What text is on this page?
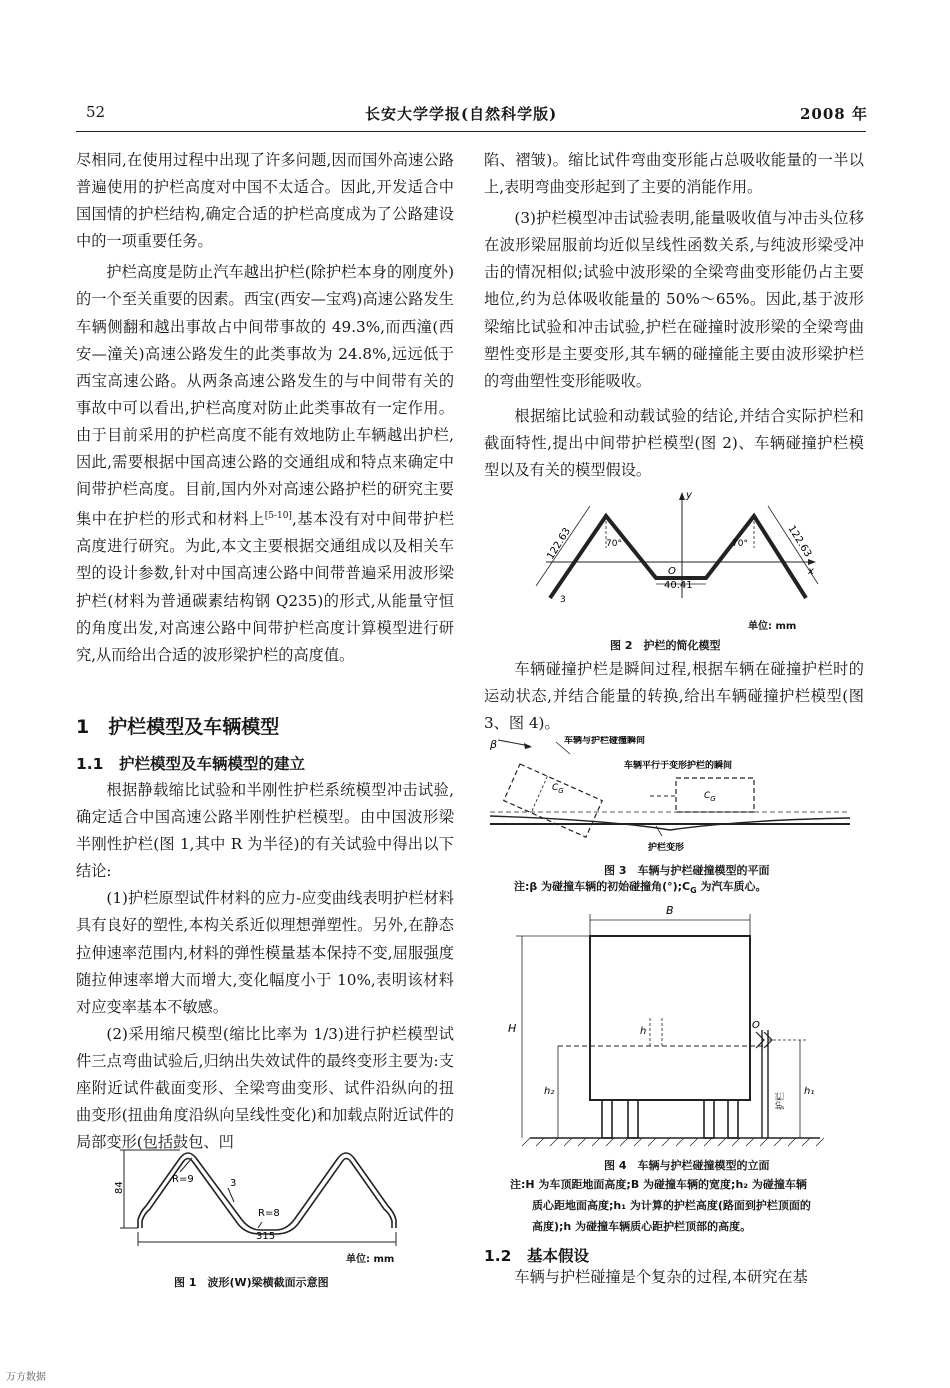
52	长安大学学报(自然科学版)	2008 年

尽相同,在使用过程中出现了许多问题,因而国外高速公路普遍使用的护栏高度对中国不太适合。因此,开发适合中国国情的护栏结构,确定合适的护栏高度成为了公路建设中的一项重要任务。

护栏高度是防止汽车越出护栏(除护栏本身的刚度外)的一个至关重要的因素。西宝(西安—宝鸡)高速公路发生车辆侧翻和越出事故占中间带事故的 49.3%,而西潼(西安—潼关)高速公路发生的此类事故为 24.8%,远远低于西宝高速公路。从两条高速公路发生的与中间带有关的事故中可以看出,护栏高度对防止此类事故有一定作用。由于目前采用的护栏高度不能有效地防止车辆越出护栏,因此,需要根据中国高速公路的交通组成和特点来确定中间带护栏高度。目前,国内外对高速公路护栏的研究主要集中在护栏的形式和材料上[5-10],基本没有对中间带护栏高度进行研究。为此,本文主要根据交通组成以及相关车型的设计参数,针对中国高速公路中间带普遍采用波形梁护栏(材料为普通碳素结构钢 Q235)的形式,从能量守恒的角度出发,对高速公路中间带护栏高度计算模型进行研究,从而给出合适的波形梁护栏的高度值。

1　护栏模型及车辆模型
1.1　护栏模型及车辆模型的建立

根据静载缩比试验和半刚性护栏系统模型冲击试验,确定适合中国高速公路半刚性护栏模型。由中国波形梁半刚性护栏(图 1,其中 R 为半径)的有关试验中得出以下结论:

(1)护栏原型试件材料的应力-应变曲线表明护栏材料具有良好的塑性,本构关系近似理想弹塑性。另外,在静态拉伸速率范围内,材料的弹性模量基本保持不变,屈服强度随拉伸速率增大而增大,变化幅度小于 10%,表明该材料对应变率基本不敏感。

(2)采用缩尺模型(缩比比率为 1/3)进行护栏模型试件三点弯曲试验后,归纳出失效试件的最终变形主要为:支座附近试件截面变形、全梁弯曲变形、试件沿纵向的扭曲变形(扭曲角度沿纵向呈线性变化)和加载点附近试件的局部变形(包括鼓包、凹

84
R=9	3
R=8
315
单位: mm
图 1　波形(W)梁横截面示意图

陷、褶皱)。缩比试件弯曲变形能占总吸收能量的一半以上,表明弯曲变形起到了主要的消能作用。

(3)护栏模型冲击试验表明,能量吸收值与冲击头位移在波形梁屈服前均近似呈线性函数关系,与纯波形梁受冲击的情况相似;试验中波形梁的全梁弯曲变形能仍占主要地位,约为总体吸收能量的 50%～65%。因此,基于波形梁缩比试验和冲击试验,护栏在碰撞时波形梁的全梁弯曲塑性变形是主要变形,其车辆的碰撞能主要由波形梁护栏的弯曲塑性变形能吸收。

根据缩比试验和动载试验的结论,并结合实际护栏和截面特性,提出中间带护栏模型(图 2)、车辆碰撞护栏模型以及有关的模型假设。

y
x
O
122.63	122.63
70°	70°
40.41
3
单位: mm
图 2　护栏的简化模型

车辆碰撞护栏是瞬间过程,根据车辆在碰撞护栏时的运动状态,并结合能量的转换,给出车辆碰撞护栏模型(图 3、图 4)。

β	车辆与护栏碰撞瞬间
车辆平行于变形护栏的瞬间
$C_G$	$C_G$
护栏变形
图 3　车辆与护栏碰撞模型的平面
注:β 为碰撞车辆的初始碰撞角$(^\circ);C_G$ 为汽车质心。
B
H	h
h₂
O
护栏
h₁
图 4　车辆与护栏碰撞模型的立面
注:H 为车顶距地面高度;B 为碰撞车辆的宽度;h₂ 为碰撞车辆
质心距地面高度;h₁ 为计算的护栏高度(路面到护栏顶面的
高度);h 为碰撞车辆质心距护栏顶部的高度。
1.2　基本假设

车辆与护栏碰撞是个复杂的过程,本研究在基

万方数据
